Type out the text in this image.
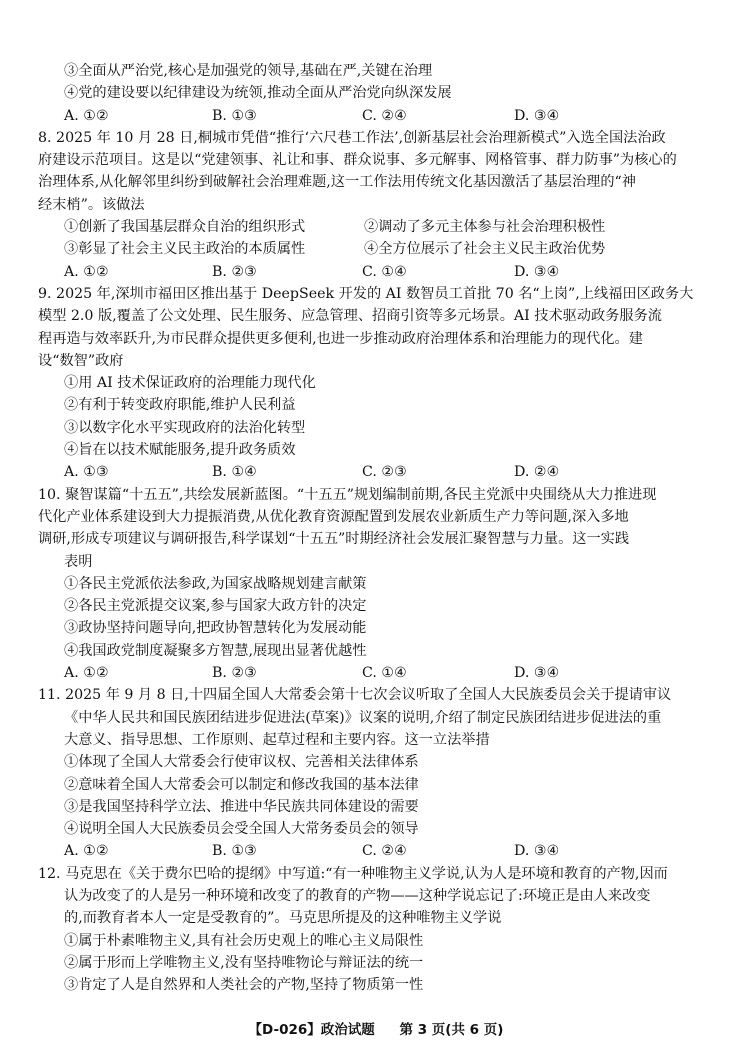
③全面从严治党,核心是加强党的领导,基础在严,关键在治理
④党的建设要以纪律建设为统领,推动全面从严治党向纵深发展
A. ①②	B. ①③	C. ②④	D. ③④
8. 2025 年 10 月 28 日,桐城市凭借“推行‘六尺巷工作法’,创新基层社会治理新模式”入选全国法治政
府建设示范项目。这是以“党建领事、礼让和事、群众说事、多元解事、网格管事、群力防事”为核心的
治理体系,从化解邻里纠纷到破解社会治理难题,这一工作法用传统文化基因激活了基层治理的“神
经末梢”。该做法
①创新了我国基层群众自治的组织形式	②调动了多元主体参与社会治理积极性
③彰显了社会主义民主政治的本质属性	④全方位展示了社会主义民主政治优势
A. ①②	B. ②③	C. ①④	D. ③④
9. 2025 年,深圳市福田区推出基于 DeepSeek 开发的 AI 数智员工首批 70 名“上岗”,上线福田区政务大
模型 2.0 版,覆盖了公文处理、民生服务、应急管理、招商引资等多元场景。AI 技术驱动政务服务流
程再造与效率跃升,为市民群众提供更多便利,也进一步推动政府治理体系和治理能力的现代化。建
设“数智”政府
①用 AI 技术保证政府的治理能力现代化
②有利于转变政府职能,维护人民利益
③以数字化水平实现政府的法治化转型
④旨在以技术赋能服务,提升政务质效
A. ①③	B. ①④	C. ②③	D. ②④
10. 聚智谋篇“十五五”,共绘发展新蓝图。“十五五”规划编制前期,各民主党派中央围绕从大力推进现
代化产业体系建设到大力提振消费,从优化教育资源配置到发展农业新质生产力等问题,深入多地
调研,形成专项建议与调研报告,科学谋划“十五五”时期经济社会发展汇聚智慧与力量。这一实践
表明
①各民主党派依法参政,为国家战略规划建言献策
②各民主党派提交议案,参与国家大政方针的决定
③政协坚持问题导向,把政协智慧转化为发展动能
④我国政党制度凝聚多方智慧,展现出显著优越性
A. ①②	B. ②③	C. ①④	D. ③④
11. 2025 年 9 月 8 日,十四届全国人大常委会第十七次会议听取了全国人大民族委员会关于提请审议
《中华人民共和国民族团结进步促进法(草案)》议案的说明,介绍了制定民族团结进步促进法的重
大意义、指导思想、工作原则、起草过程和主要内容。这一立法举措
①体现了全国人大常委会行使审议权、完善相关法律体系
②意味着全国人大常委会可以制定和修改我国的基本法律
③是我国坚持科学立法、推进中华民族共同体建设的需要
④说明全国人大民族委员会受全国人大常务委员会的领导
A. ①②	B. ①③	C. ②④	D. ③④
12. 马克思在《关于费尔巴哈的提纲》中写道:“有一种唯物主义学说,认为人是环境和教育的产物,因而
认为改变了的人是另一种环境和改变了的教育的产物——这种学说忘记了:环境正是由人来改变
的,而教育者本人一定是受教育的”。马克思所提及的这种唯物主义学说
①属于朴素唯物主义,具有社会历史观上的唯心主义局限性
②属于形而上学唯物主义,没有坚持唯物论与辩证法的统一
③肯定了人是自然界和人类社会的产物,坚持了物质第一性
【D-026】政治试题 第 3 页(共 6 页)
